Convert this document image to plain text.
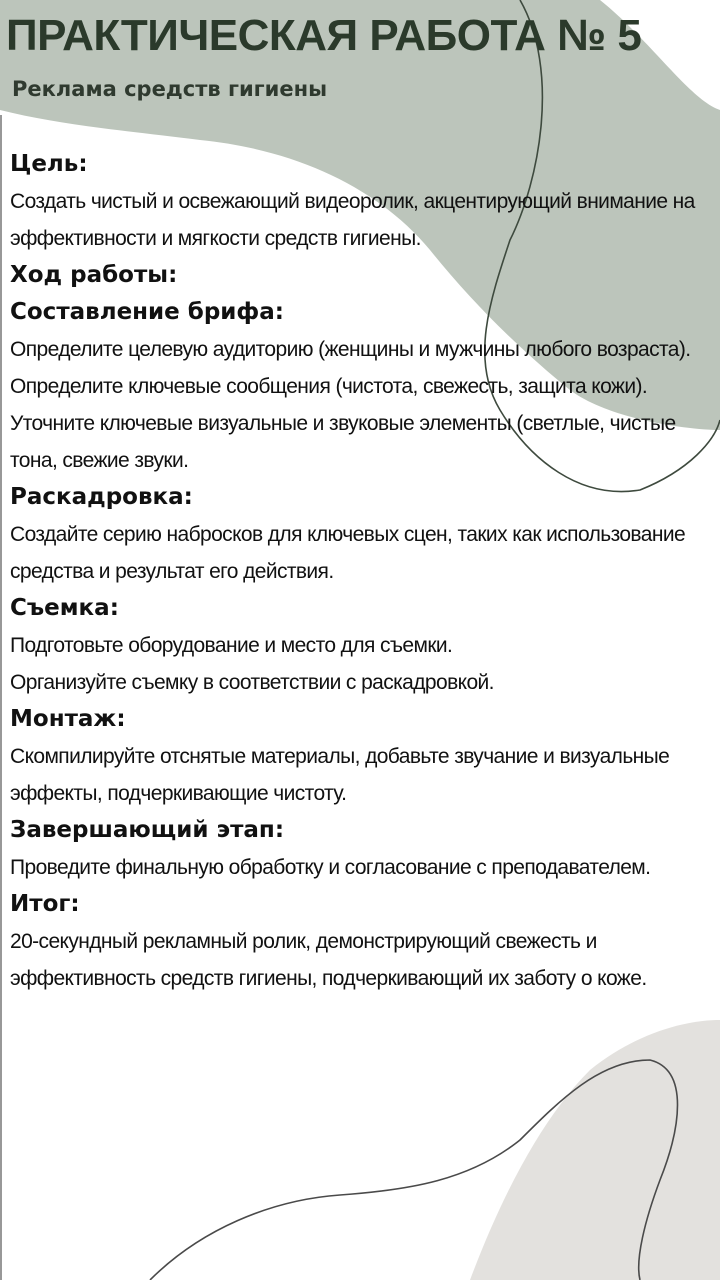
ПРАКТИЧЕСКАЯ РАБОТА № 5
Реклама средств гигиены

Цель:

Создать чистый и освежающий видеоролик, акцентирующий внимание на эффективности и мягкости средств гигиены.

Ход работы:

Составление брифа:

Определите целевую аудиторию (женщины и мужчины любого возраста).

Определите ключевые сообщения (чистота, свежесть, защита кожи).

Уточните ключевые визуальные и звуковые элементы (светлые, чистые тона, свежие звуки.

Раскадровка:

Создайте серию набросков для ключевых сцен, таких как использование средства и результат его действия.

Съемка:

Подготовьте оборудование и место для съемки.

Организуйте съемку в соответствии с раскадровкой.

Монтаж:

Скомпилируйте отснятые материалы, добавьте звучание и визуальные эффекты, подчеркивающие чистоту.

Завершающий этап:

Проведите финальную обработку и согласование с преподавателем.

Итог:

20-секундный рекламный ролик, демонстрирующий свежесть и эффективность средств гигиены, подчеркивающий их заботу о коже.
